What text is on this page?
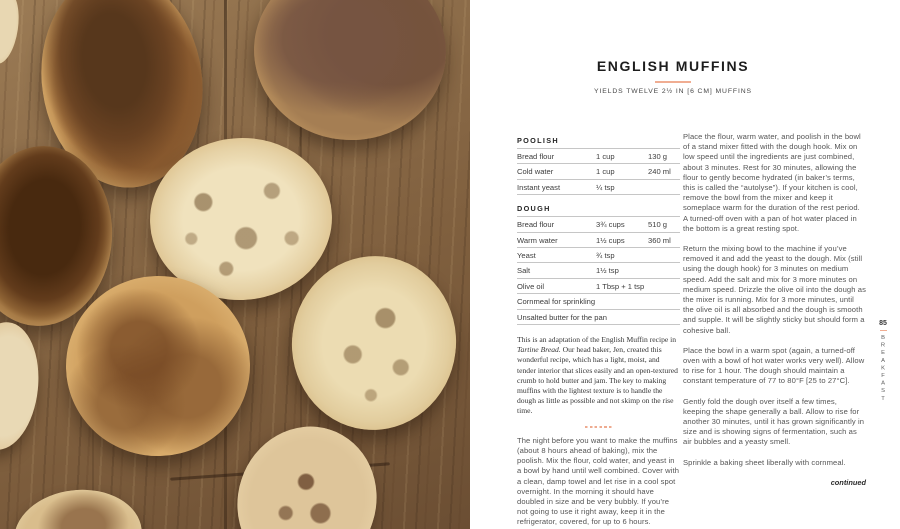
ENGLISH MUFFINS
YIELDS TWELVE 2½ IN [6 CM] MUFFINS
POOLISH
Bread flour	1 cup	130 g
Cold water	1 cup	240 ml
Instant yeast	¼ tsp
DOUGH
Bread flour	3¾ cups	510 g
Warm water	1½ cups	360 ml
Yeast	¾ tsp
Salt	1½ tsp
Olive oil	1 Tbsp + 1 tsp
Cornmeal for sprinkling
Unsalted butter for the pan

This is an adaptation of the English Muffin recipe in Tartine Bread. Our head baker, Jen, created this wonderful recipe, which has a light, moist, and tender interior that slices easily and an open-textured crumb to hold butter and jam. The key to making muffins with the lightest texture is to handle the dough as little as possible and not skimp on the rise time.

The night before you want to make the muffins (about 8 hours ahead of baking), mix the poolish. Mix the flour, cold water, and yeast in a bowl by hand until well combined. Cover with a clean, damp towel and let rise in a cool spot overnight. In the morning it should have doubled in size and be very bubbly. If you’re not going to use it right away, keep it in the refrigerator, covered, for up to 6 hours.

Place the flour, warm water, and poolish in the bowl of a stand mixer fitted with the dough hook. Mix on low speed until the ingredients are just combined, about 3 minutes. Rest for 30 minutes, allowing the flour to gently become hydrated (in baker’s terms, this is called the “autolyse”). If your kitchen is cool, remove the bowl from the mixer and keep it someplace warm for the duration of the rest period. A turned-off oven with a pan of hot water placed in the bottom is a great resting spot.

Return the mixing bowl to the machine if you’ve removed it and add the yeast to the dough. Mix (still using the dough hook) for 3 minutes on medium speed. Add the salt and mix for 3 more minutes on medium speed. Drizzle the olive oil into the dough as the mixer is running. Mix for 3 more minutes, until the olive oil is all absorbed and the dough is smooth and supple. It will be slightly sticky but should form a cohesive ball.

Place the bowl in a warm spot (again, a turned-off oven with a bowl of hot water works very well). Allow to rise for 1 hour. The dough should maintain a constant temperature of 77 to 80°F [25 to 27°C].

Gently fold the dough over itself a few times, keeping the shape generally a ball. Allow to rise for another 30 minutes, until it has grown significantly in size and is showing signs of fermentation, such as air bubbles and a yeasty smell.

Sprinkle a baking sheet liberally with cornmeal.

continued
85
BREAKFAST
